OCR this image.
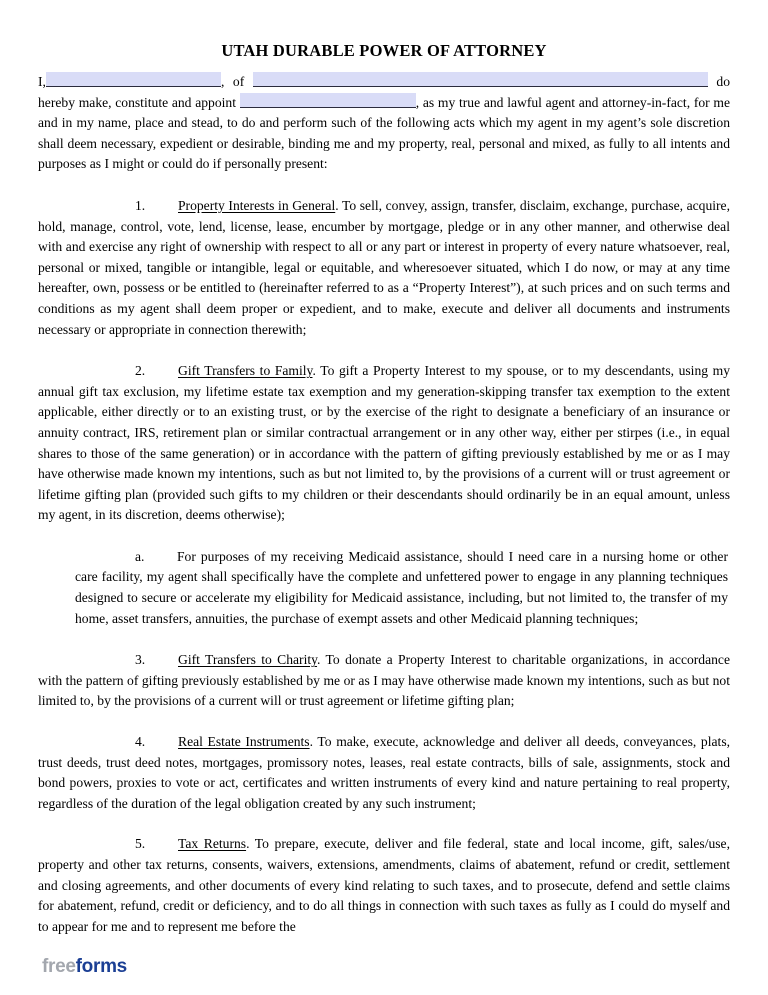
UTAH DURABLE POWER OF ATTORNEY

I,	, of	do hereby make, constitute and appoint	, as my true and lawful agent and attorney-in-fact, for me and in my name, place and stead, to do and perform such of the following acts which my agent in my agent’s sole discretion shall deem necessary, expedient or desirable, binding me and my property, real, personal and mixed, as fully to all intents and purposes as I might or could do if personally present:

1. Property Interests in General. To sell, convey, assign, transfer, disclaim, exchange, purchase, acquire, hold, manage, control, vote, lend, license, lease, encumber by mortgage, pledge or in any other manner, and otherwise deal with and exercise any right of ownership with respect to all or any part or interest in property of every nature whatsoever, real, personal or mixed, tangible or intangible, legal or equitable, and wheresoever situated, which I do now, or may at any time hereafter, own, possess or be entitled to (hereinafter referred to as a “Property Interest”), at such prices and on such terms and conditions as my agent shall deem proper or expedient, and to make, execute and deliver all documents and instruments necessary or appropriate in connection therewith;

2. Gift Transfers to Family. To gift a Property Interest to my spouse, or to my descendants, using my annual gift tax exclusion, my lifetime estate tax exemption and my generation-skipping transfer tax exemption to the extent applicable, either directly or to an existing trust, or by the exercise of the right to designate a beneficiary of an insurance or annuity contract, IRS, retirement plan or similar contractual arrangement or in any other way, either per stirpes (i.e., in equal shares to those of the same generation) or in accordance with the pattern of gifting previously established by me or as I may have otherwise made known my intentions, such as but not limited to, by the provisions of a current will or trust agreement or lifetime gifting plan (provided such gifts to my children or their descendants should ordinarily be in an equal amount, unless my agent, in its discretion, deems otherwise);

a. For purposes of my receiving Medicaid assistance, should I need care in a nursing home or other care facility, my agent shall specifically have the complete and unfettered power to engage in any planning techniques designed to secure or accelerate my eligibility for Medicaid assistance, including, but not limited to, the transfer of my home, asset transfers, annuities, the purchase of exempt assets and other Medicaid planning techniques;

3. Gift Transfers to Charity. To donate a Property Interest to charitable organizations, in accordance with the pattern of gifting previously established by me or as I may have otherwise made known my intentions, such as but not limited to, by the provisions of a current will or trust agreement or lifetime gifting plan;

4. Real Estate Instruments. To make, execute, acknowledge and deliver all deeds, conveyances, plats, trust deeds, trust deed notes, mortgages, promissory notes, leases, real estate contracts, bills of sale, assignments, stock and bond powers, proxies to vote or act, certificates and written instruments of every kind and nature pertaining to real property, regardless of the duration of the legal obligation created by any such instrument;

5. Tax Returns. To prepare, execute, deliver and file federal, state and local income, gift, sales/use, property and other tax returns, consents, waivers, extensions, amendments, claims of abatement, refund or credit, settlement and closing agreements, and other documents of every kind relating to such taxes, and to prosecute, defend and settle claims for abatement, refund, credit or deficiency, and to do all things in connection with such taxes as fully as I could do myself and to appear for me and to represent me before the

freeforms
